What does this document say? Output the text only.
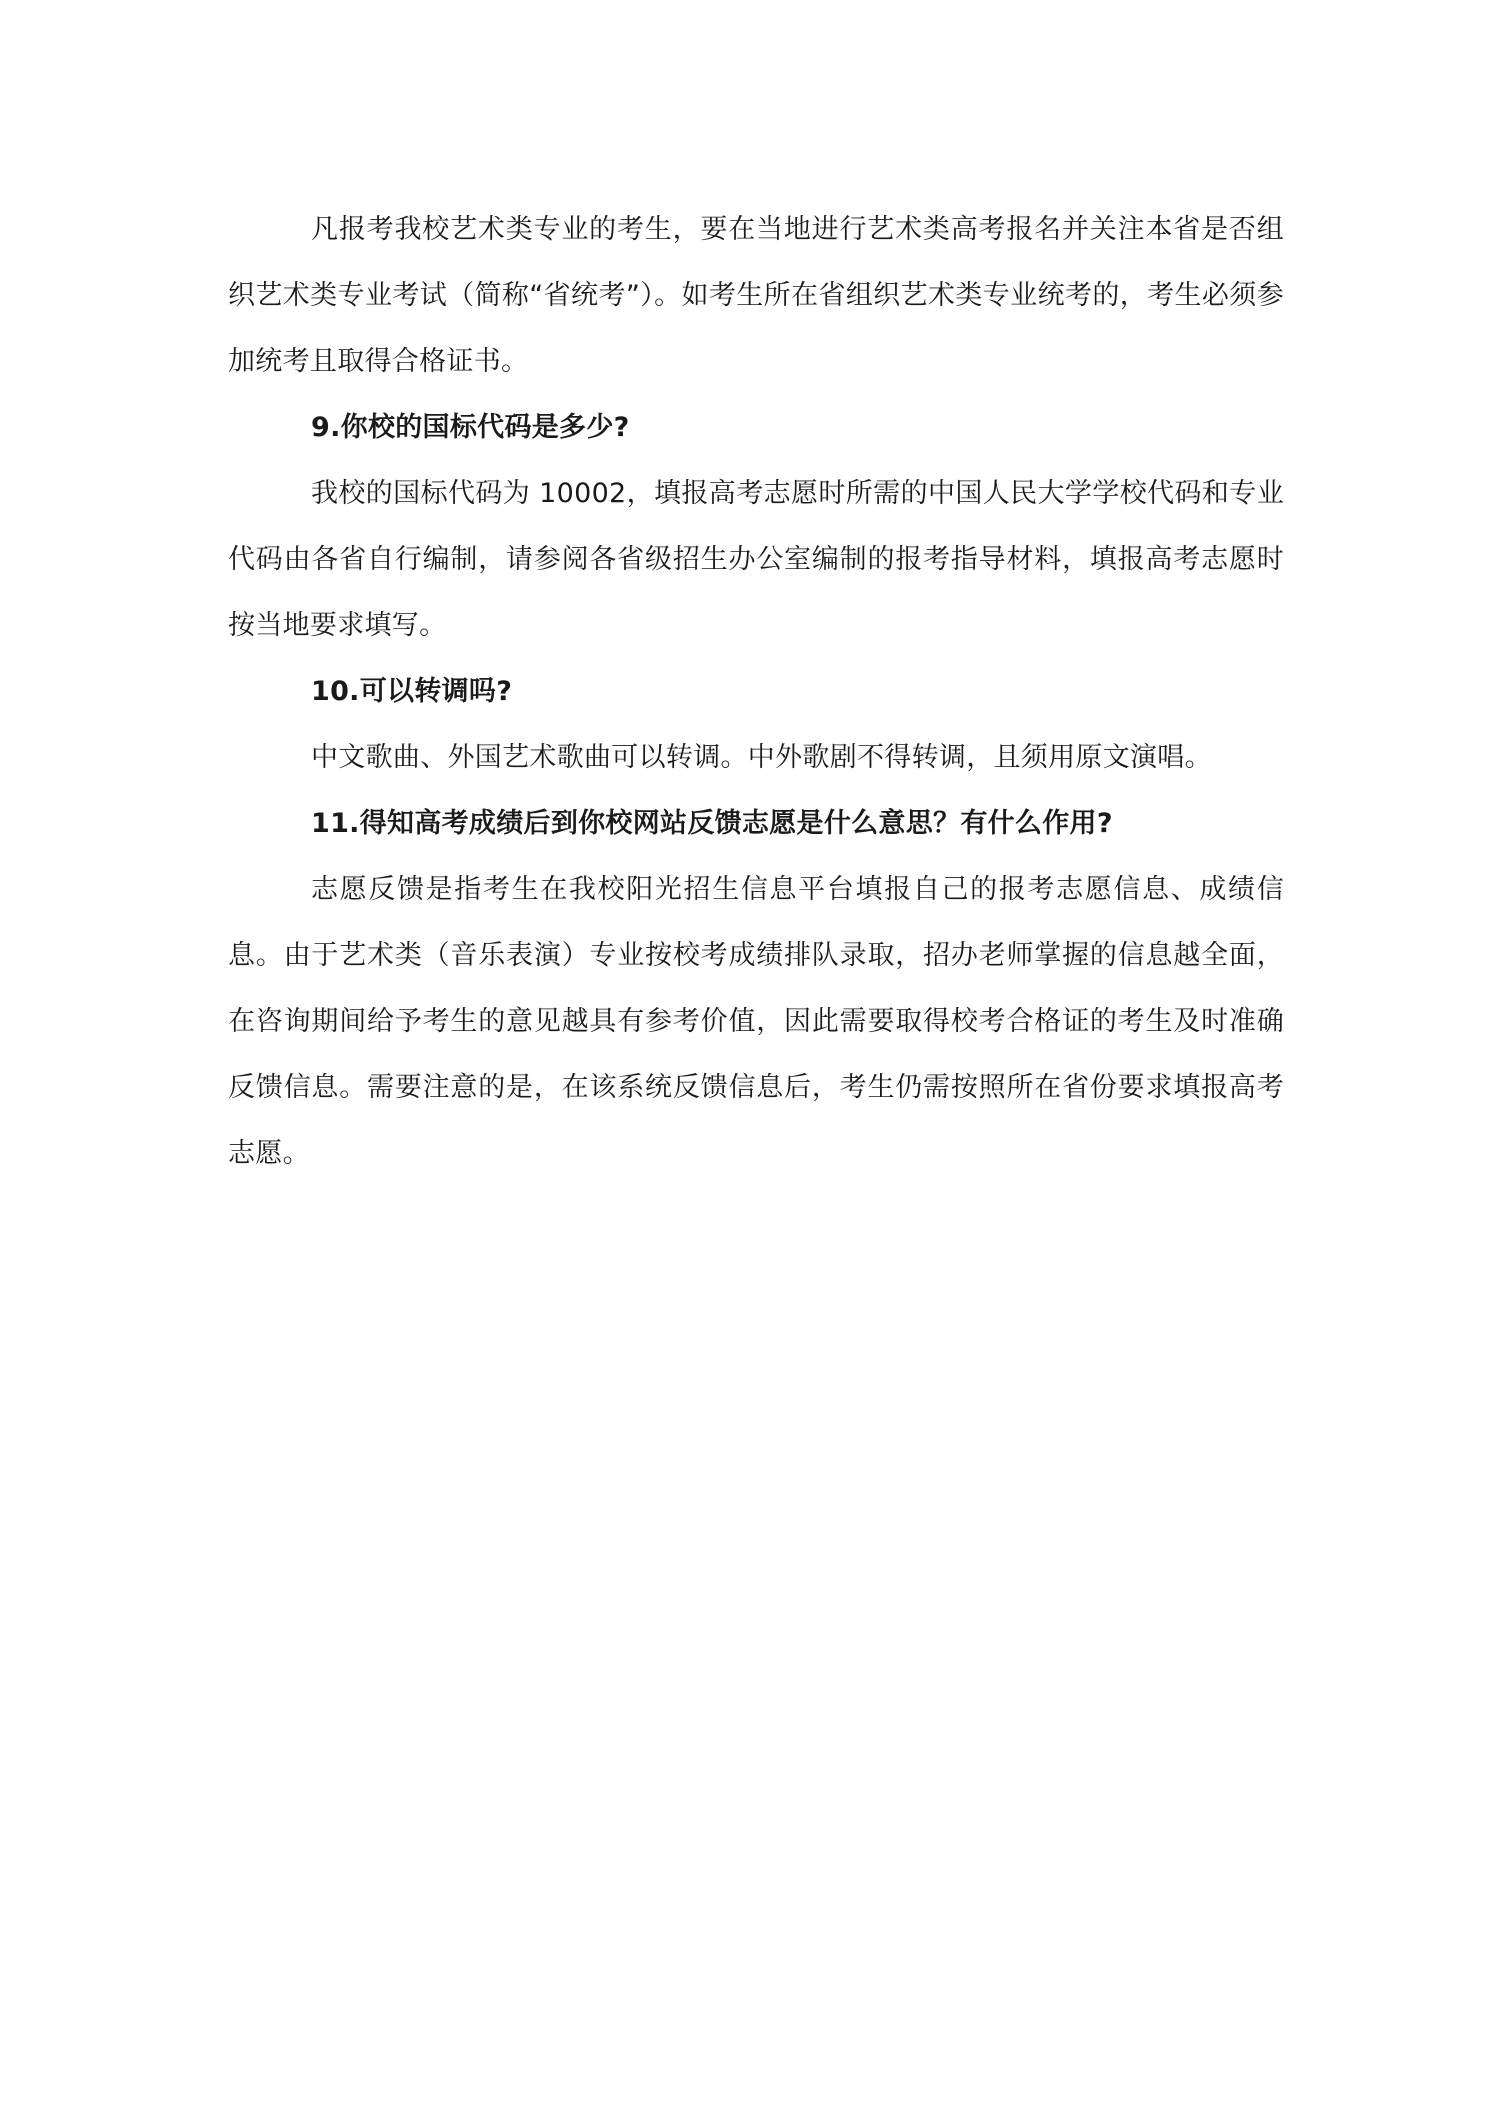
凡报考我校艺术类专业的考生，要在当地进行艺术类高考报名并关注本省是否组织艺术类专业考试（简称“省统考”）。如考生所在省组织艺术类专业统考的，考生必须参加统考且取得合格证书。

9.你校的国标代码是多少?

我校的国标代码为 10002，填报高考志愿时所需的中国人民大学学校代码和专业代码由各省自行编制，请参阅各省级招生办公室编制的报考指导材料，填报高考志愿时按当地要求填写。

10.可以转调吗?

中文歌曲、外国艺术歌曲可以转调。中外歌剧不得转调，且须用原文演唱。

11.得知高考成绩后到你校网站反馈志愿是什么意思？有什么作用?

志愿反馈是指考生在我校阳光招生信息平台填报自己的报考志愿信息、成绩信息。由于艺术类（音乐表演）专业按校考成绩排队录取，招办老师掌握的信息越全面，在咨询期间给予考生的意见越具有参考价值，因此需要取得校考合格证的考生及时准确反馈信息。需要注意的是，在该系统反馈信息后，考生仍需按照所在省份要求填报高考志愿。
